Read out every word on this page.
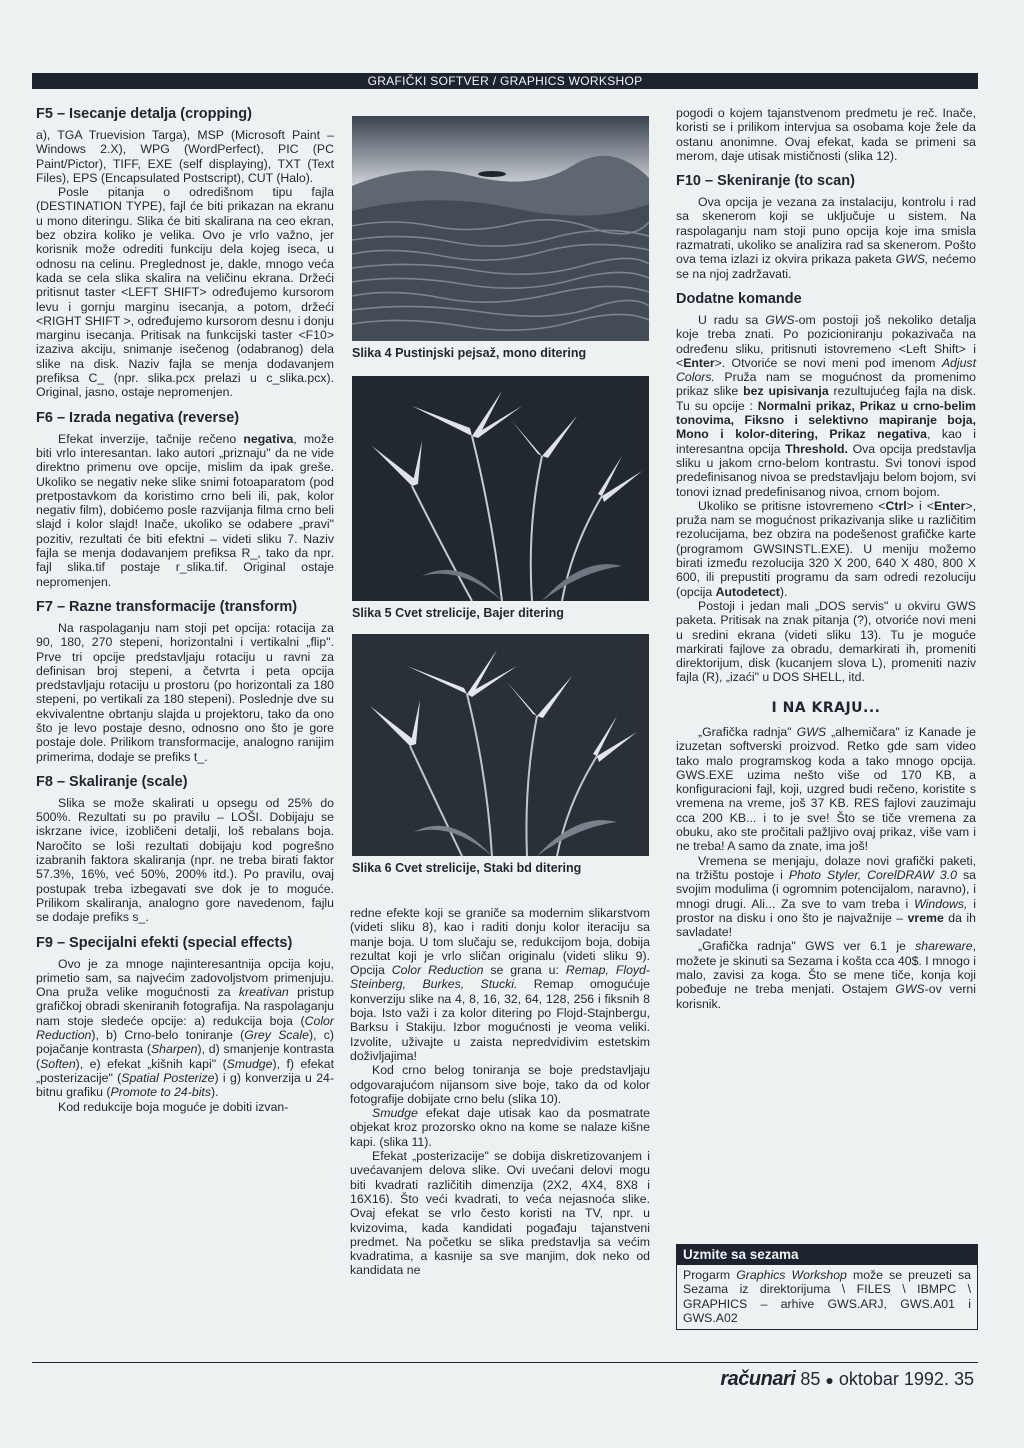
GRAFIČKI SOFTVER / GRAPHICS WORKSHOP
F5 – Isecanje detalja (cropping)

a), TGA Truevision Targa), MSP (Microsoft Paint – Windows 2.X), WPG (WordPerfect), PIC (PC Paint/Pictor), TIFF, EXE (self displaying), TXT (Text Files), EPS (Encapsulated Postscript), CUT (Halo).

Posle pitanja o odredišnom tipu fajla (DESTINATION TYPE), fajl će biti prikazan na ekranu u mono diteringu. Slika će biti skalirana na ceo ekran, bez obzira koliko je velika. Ovo je vrlo važno, jer korisnik može odrediti funkciju dela kojeg iseca, u odnosu na celinu. Preglednost je, dakle, mnogo veća kada se cela slika skalira na veličinu ekrana. Držeći pritisnut taster <LEFT SHIFT> određujemo kursorom levu i gornju marginu isecanja, a potom, držeći <RIGHT SHIFT >, određujemo kursorom desnu i donju marginu isecanja. Pritisak na funkcijski taster <F10> izaziva akciju, snimanje isečenog (odabranog) dela slike na disk. Naziv fajla se menja dodavanjem prefiksa C_ (npr. slika.pcx prelazi u c_slika.pcx). Original, jasno, ostaje nepromenjen.

F6 – Izrada negativa (reverse)

Efekat inverzije, tačnije rečeno negativa, može biti vrlo interesantan. Iako autori „priznaju" da ne vide direktno primenu ove opcije, mislim da ipak greše. Ukoliko se negativ neke slike snimi fotoaparatom (pod pretpostavkom da koristimo crno beli ili, pak, kolor negativ film), dobićemo posle razvijanja filma crno beli slajd i kolor slajd! Inače, ukoliko se odabere „pravi" pozitiv, rezultati će biti efektni – videti sliku 7. Naziv fajla se menja dodavanjem prefiksa R_, tako da npr. fajl slika.tif postaje r_slika.tif. Original ostaje nepromenjen.

F7 – Razne transformacije (transform)

Na raspolaganju nam stoji pet opcija: rotacija za 90, 180, 270 stepeni, horizontalni i vertikalni „flip". Prve tri opcije predstavljaju rotaciju u ravni za definisan broj stepeni, a četvrta i peta opcija predstavljaju rotaciju u prostoru (po horizontali za 180 stepeni, po vertikali za 180 stepeni). Poslednje dve su ekvivalentne obrtanju slajda u projektoru, tako da ono što je levo postaje desno, odnosno ono što je gore postaje dole. Prilikom transformacije, analogno ranijim primerima, dodaje se prefiks t_.

F8 – Skaliranje (scale)

Slika se može skalirati u opsegu od 25% do 500%. Rezultati su po pravilu – LOŠI. Dobijaju se iskrzane ivice, izobličeni detalji, loš rebalans boja. Naročito se loši rezultati dobijaju kod pogrešno izabranih faktora skaliranja (npr. ne treba birati faktor 57.3%, 16%, već 50%, 200% itd.). Po pravilu, ovaj postupak treba izbegavati sve dok je to moguće. Prilikom skaliranja, analogno gore navedenom, fajlu se dodaje prefiks s_.

F9 – Specijalni efekti (special effects)

Ovo je za mnoge najinteresantnija opcija koju, primetio sam, sa najvećim zadovoljstvom primenjuju. Ona pruža velike mogućnosti za kreativan pristup grafičkoj obradi skeniranih fotografija. Na raspolaganju nam stoje sledeće opcije: a) redukcija boja (Color Reduction), b) Crno-belo toniranje (Grey Scale), c) pojačanje kontrasta (Sharpen), d) smanjenje kontrasta (Soften), e) efekat „kišnih kapi" (Smudge), f) efekat „posterizacije" (Spatial Posterize) i g) konverzija u 24-bitnu grafiku (Promote to 24-bits).

Kod redukcije boja moguće je dobiti izvan-

Slika 4 Pustinjski pejsaž, mono ditering
Slika 5 Cvet strelicije, Bajer ditering
Slika 6 Cvet strelicije, Staki bd ditering

redne efekte koji se graniče sa modernim slikarstvom (videti sliku 8), kao i raditi donju kolor iteraciju sa manje boja. U tom slučaju se, redukcijom boja, dobija rezultat koji je vrlo sličan originalu (videti sliku 9). Opcija Color Reduction se grana u: Remap, Floyd-Steinberg, Burkes, Stucki. Remap omogućuje konverziju slike na 4, 8, 16, 32, 64, 128, 256 i fiksnih 8 boja. Isto važi i za kolor ditering po Flojd-Stajnbergu, Barksu i Stakiju. Izbor mogućnosti je veoma veliki. Izvolite, uživajte u zaista nepredvidivim estetskim doživljajima!

Kod crno belog toniranja se boje predstavljaju odgovarajućom nijansom sive boje, tako da od kolor fotografije dobijate crno belu (slika 10).

Smudge efekat daje utisak kao da posmatrate objekat kroz prozorsko okno na kome se nalaze kišne kapi. (slika 11).

Efekat „posterizacije" se dobija diskretizovanjem i uvećavanjem delova slike. Ovi uvećani delovi mogu biti kvadrati različitih dimenzija (2X2, 4X4, 8X8 i 16X16). Što veći kvadrati, to veća nejasnoća slike. Ovaj efekat se vrlo često koristi na TV, npr. u kvizovima, kada kandidati pogađaju tajanstveni predmet. Na početku se slika predstavlja sa većim kvadratima, a kasnije sa sve manjim, dok neko od kandidata ne

pogodi o kojem tajanstvenom predmetu je reč. Inače, koristi se i prilikom intervjua sa osobama koje žele da ostanu anonimne. Ovaj efekat, kada se primeni sa merom, daje utisak mističnosti (slika 12).

F10 – Skeniranje (to scan)

Ova opcija je vezana za instalaciju, kontrolu i rad sa skenerom koji se uključuje u sistem. Na raspolaganju nam stoji puno opcija koje ima smisla razmatrati, ukoliko se analizira rad sa skenerom. Pošto ova tema izlazi iz okvira prikaza paketa GWS, nećemo se na njoj zadržavati.

Dodatne komande

U radu sa GWS-om postoji još nekoliko detalja koje treba znati. Po pozicioniranju pokazivača na određenu sliku, pritisnuti istovremeno <Left Shift> i <Enter>. Otvoriće se novi meni pod imenom Adjust Colors. Pruža nam se mogućnost da promenimo prikaz slike bez upisivanja rezultujućeg fajla na disk. Tu su opcije : Normalni prikaz, Prikaz u crno-belim tonovima, Fiksno i selektivno mapiranje boja, Mono i kolor-ditering, Prikaz negativa, kao i interesantna opcija Threshold. Ova opcija predstavlja sliku u jakom crno-belom kontrastu. Svi tonovi ispod predefinisanog nivoa se predstavljaju belom bojom, svi tonovi iznad predefinisanog nivoa, crnom bojom.

Ukoliko se pritisne istovremeno <Ctrl> i <Enter>, pruža nam se mogućnost prikazivanja slike u različitim rezolucijama, bez obzira na podešenost grafičke karte (programom GWSINSTL.EXE). U meniju možemo birati između rezolucija 320 X 200, 640 X 480, 800 X 600, ili prepustiti programu da sam odredi rezoluciju (opcija Autodetect).

Postoji i jedan mali „DOS servis" u okviru GWS paketa. Pritisak na znak pitanja (?), otvoriće novi meni u sredini ekrana (videti sliku 13). Tu je moguće markirati fajlove za obradu, demarkirati ih, promeniti direktorijum, disk (kucanjem slova L), promeniti naziv fajla (R), „izaći" u DOS SHELL, itd.

I NA KRAJU...

„Grafička radnja" GWS „alhemičara" iz Kanade je izuzetan softverski proizvod. Retko gde sam video tako malo programskog koda a tako mnogo opcija. GWS.EXE uzima nešto više od 170 KB, a konfiguracioni fajl, koji, uzgred budi rečeno, koristite s vremena na vreme, još 37 KB. RES fajlovi zauzimaju cca 200 KB... i to je sve! Što se tiče vremena za obuku, ako ste pročitali pažljivo ovaj prikaz, više vam i ne treba! A samo da znate, ima još!

Vremena se menjaju, dolaze novi grafički paketi, na tržištu postoje i Photo Styler, CorelDRAW 3.0 sa svojim modulima (i ogromnim potencijalom, naravno), i mnogi drugi. Ali... Za sve to vam treba i Windows, i prostor na disku i ono što je najvažnije – vreme da ih savladate!

„Grafička radnja" GWS ver 6.1 je shareware, možete je skinuti sa Sezama i košta cca 40$. I mnogo i malo, zavisi za koga. Što se mene tiče, konja koji pobeđuje ne treba menjati. Ostajem GWS-ov verni korisnik.

Uzmite sa sezama
Progarm Graphics Workshop može se preuzeti sa Sezama iz direktorijuma \ FILES \ IBMPC \ GRAPHICS – arhive GWS.ARJ, GWS.A01 i GWS.A02
računari 85 ● oktobar 1992. 35
